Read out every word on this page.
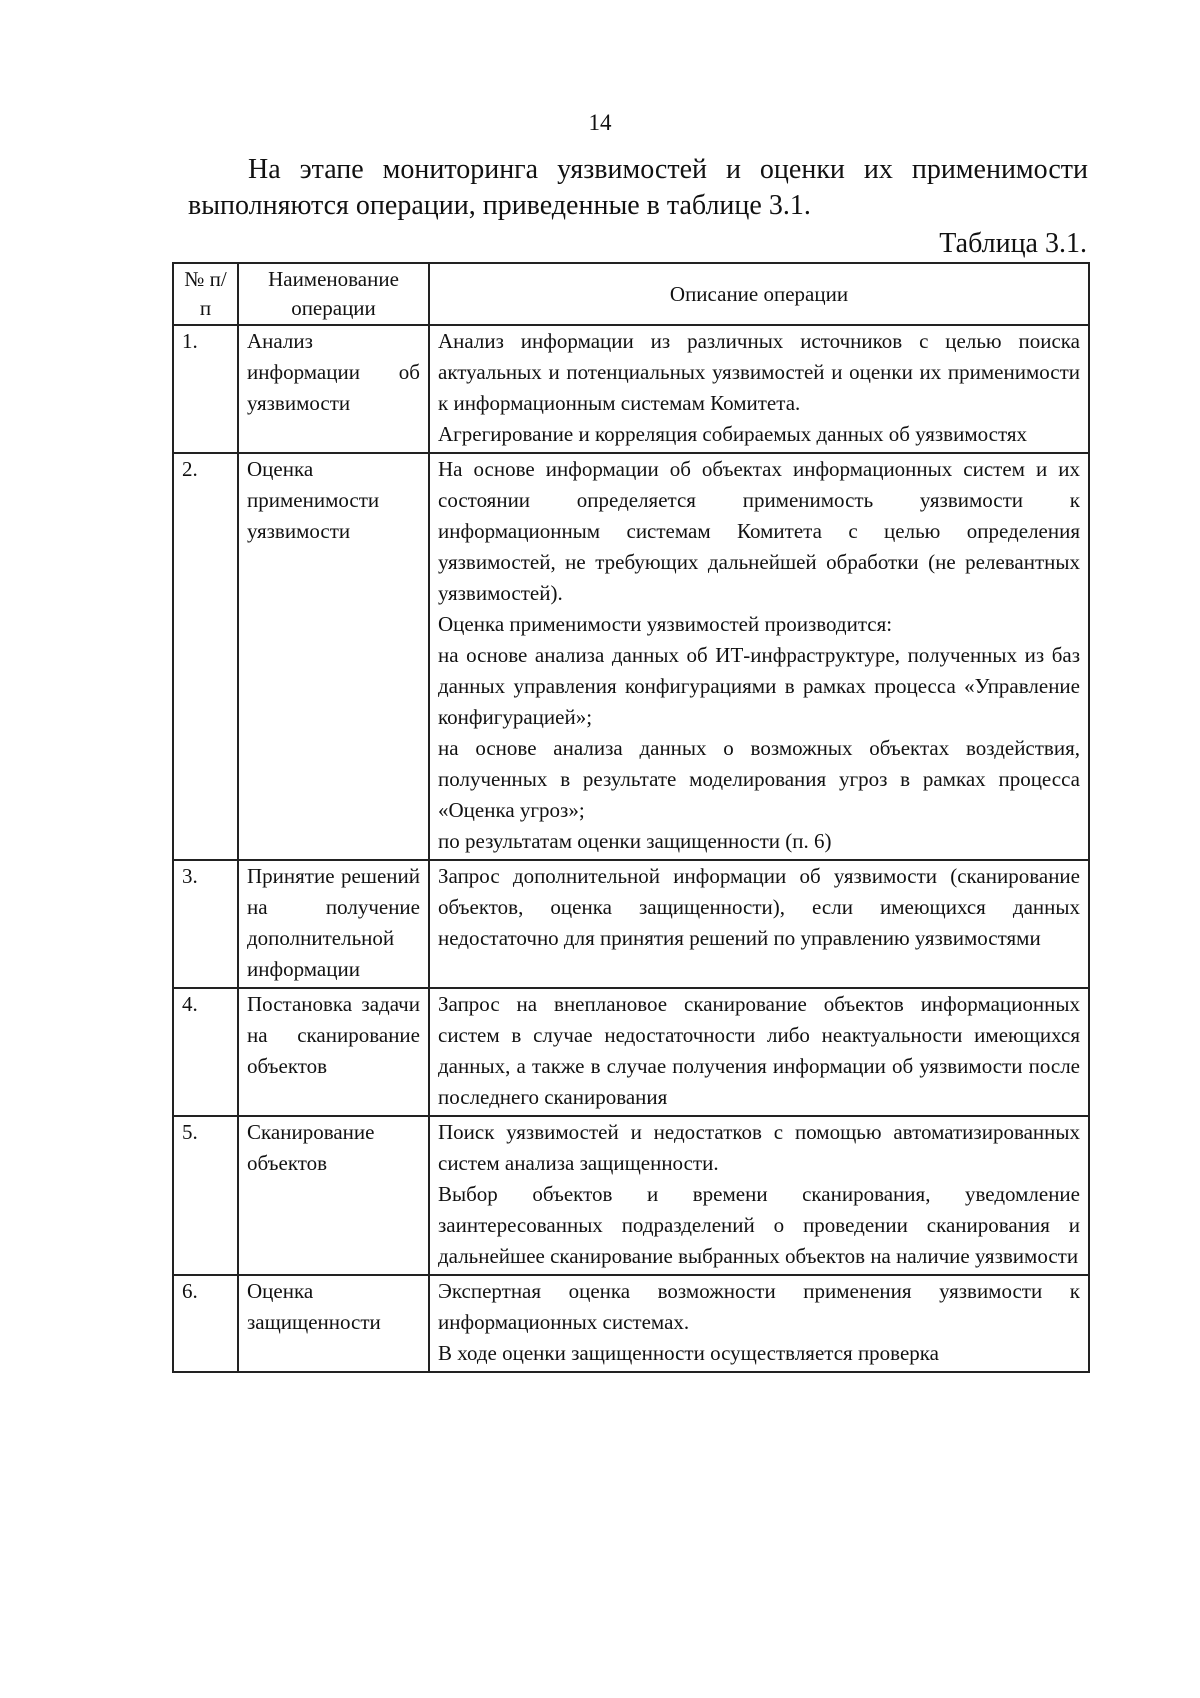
14

На этапе мониторинга уязвимостей и оценки их применимости выполняются операции, приведенные в таблице 3.1.

Таблица 3.1.
№ п/п	Наименование операции	Описание операции
1.	Анализ информации об уязвимости	Анализ информации из различных источников с целью поиска актуальных и потенциальных уязвимостей и оценки их применимости к информационным системам Комитета.

Агрегирование и корреляция собираемых данных об уязвимостях

2.	Оценка применимости уязвимости	На основе информации об объектах информационных систем и их состоянии определяется применимость уязвимости к информационным системам Комитета с целью определения уязвимостей, не требующих дальнейшей обработки (не релевантных уязвимостей).

Оценка применимости уязвимостей производится:

на основе анализа данных об ИТ-инфраструктуре, полученных из баз данных управления конфигурациями в рамках процесса «Управление конфигурацией»;

на основе анализа данных о возможных объектах воздействия, полученных в результате моделирования угроз в рамках процесса «Оценка угроз»;

по результатам оценки защищенности (п. 6)

3.	Принятие решений на получение дополнительной информации	Запрос дополнительной информации об уязвимости (сканирование объектов, оценка защищенности), если имеющихся данных недостаточно для принятия решений по управлению уязвимостями

4.	Постановка задачи на сканирование объектов	Запрос на внеплановое сканирование объектов информационных систем в случае недостаточности либо неактуальности имеющихся данных, а также в случае получения информации об уязвимости после последнего сканирования

5.	Сканирование объектов	Поиск уязвимостей и недостатков с помощью автоматизированных систем анализа защищенности.

Выбор объектов и времени сканирования, уведомление заинтересованных подразделений о проведении сканирования и дальнейшее сканирование выбранных объектов на наличие уязвимости

6.	Оценка защищенности	Экспертная оценка возможности применения уязвимости к информационных системах.

В ходе оценки защищенности осуществляется проверка
